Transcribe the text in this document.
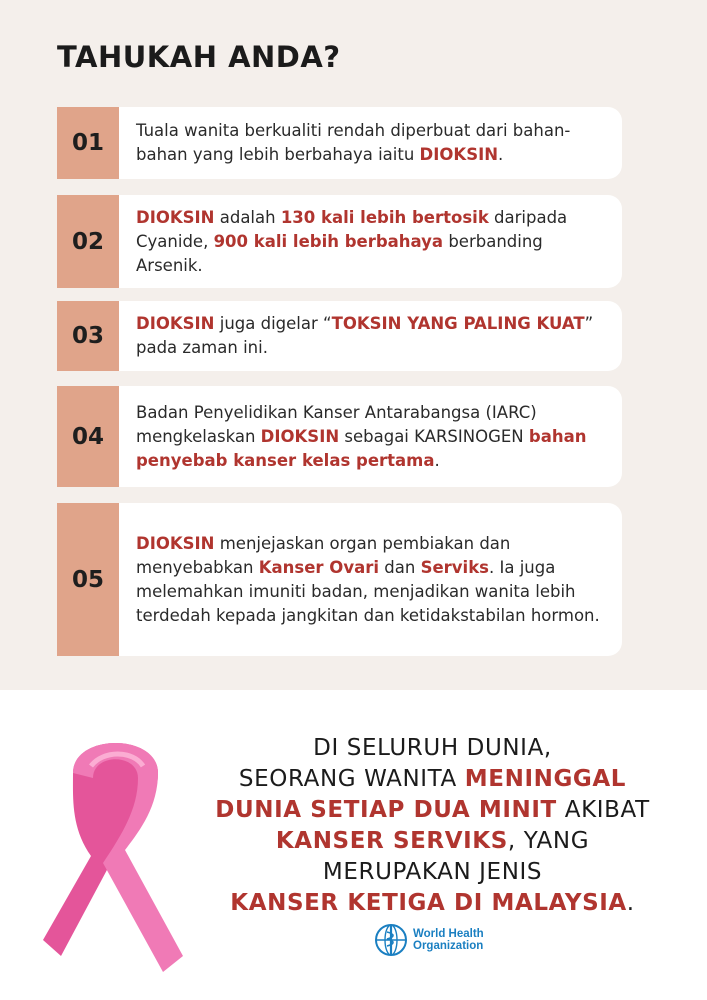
TAHUKAH ANDA?
01	Tuala wanita berkualiti rendah diperbuat dari bahan-bahan yang lebih berbahaya iaitu DIOKSIN.
02
DIOKSIN adalah 130 kali lebih bertosik daripada Cyanide, 900 kali lebih berbahaya berbanding Arsenik.
03	DIOKSIN juga digelar “TOKSIN YANG PALING KUAT” pada zaman ini.
04
Badan Penyelidikan Kanser Antarabangsa (IARC) mengkelaskan DIOKSIN sebagai KARSINOGEN bahan penyebab kanser kelas pertama.
05
DIOKSIN menjejaskan organ pembiakan dan menyebabkan Kanser Ovari dan Serviks. Ia juga melemahkan imuniti badan, menjadikan wanita lebih terdedah kepada jangkitan dan ketidakstabilan hormon.
DI SELURUH DUNIA,
SEORANG WANITA MENINGGAL
DUNIA SETIAP DUA MINIT AKIBAT
KANSER SERVIKS, YANG
MERUPAKAN JENIS
KANSER KETIGA DI MALAYSIA.
World Health
Organization
